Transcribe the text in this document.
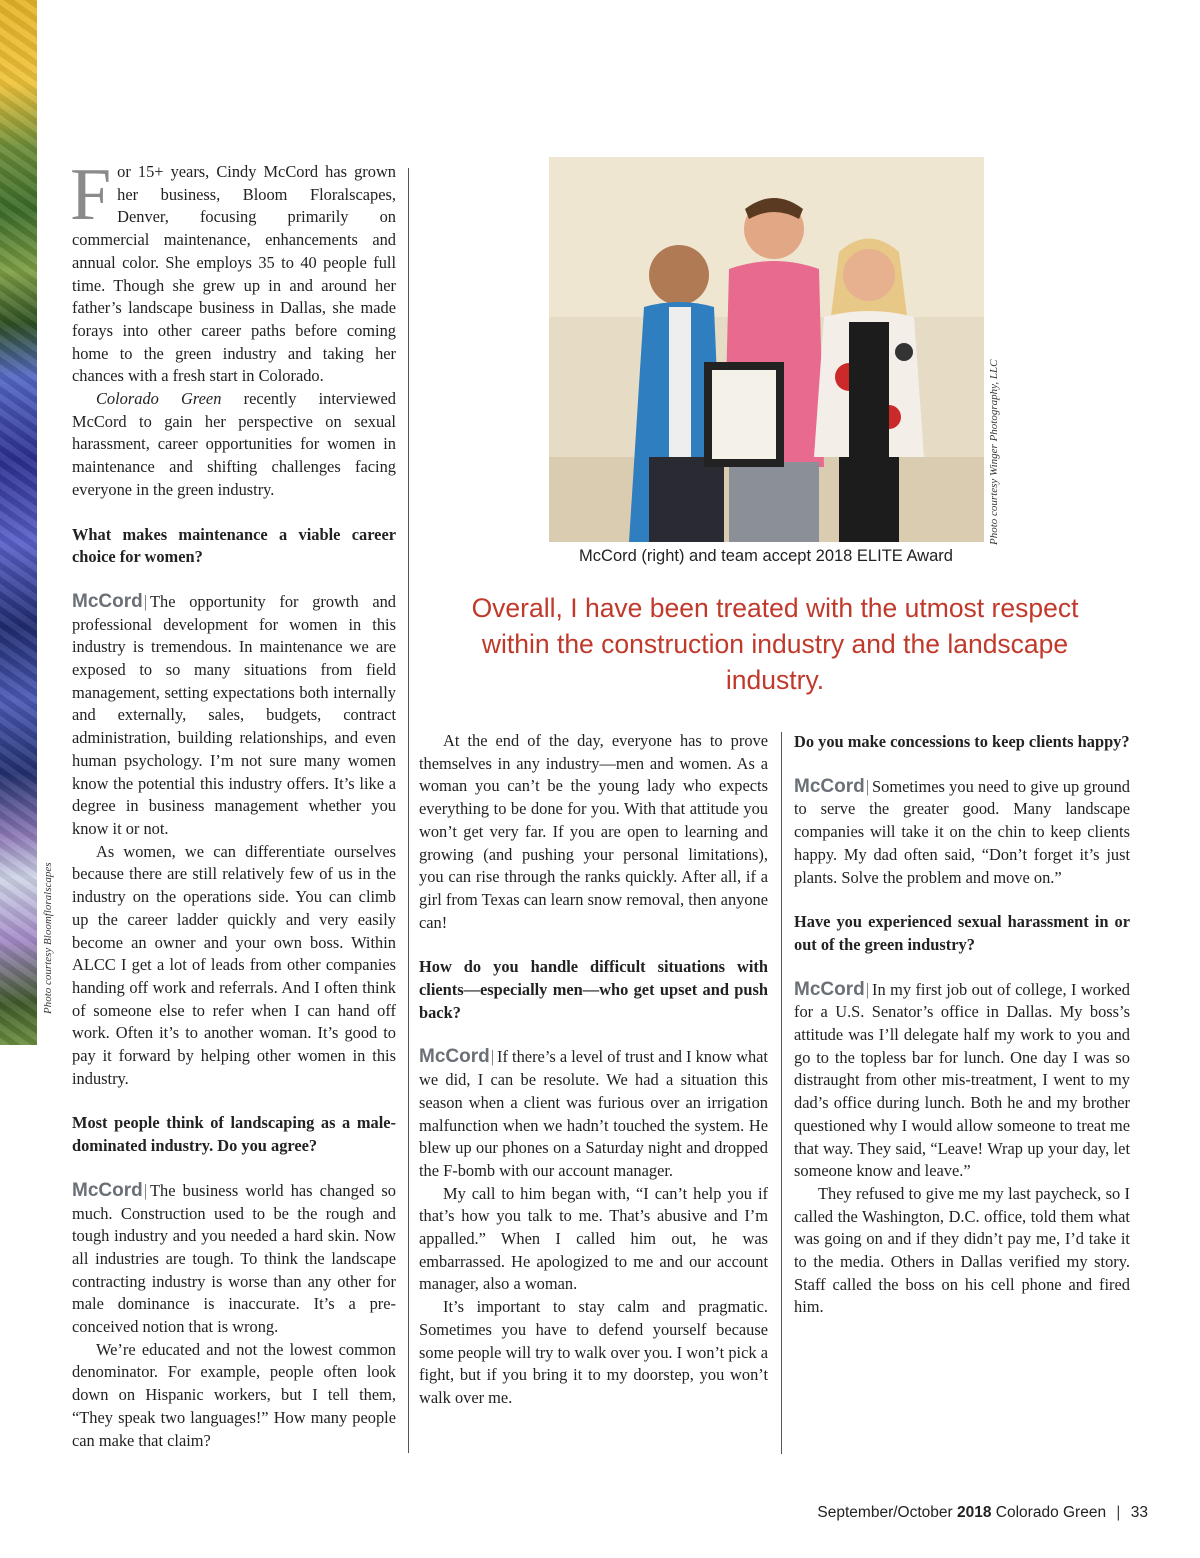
Photo courtesy Bloomfloralscapes

For 15+ years, Cindy McCord has grown her business, Bloom Floralscapes, Denver, focusing primarily on commercial maintenance, enhancements and annual color. She employs 35 to 40 people full time. Though she grew up in and around her father’s landscape business in Dallas, she made forays into other career paths before coming home to the green industry and taking her chances with a fresh start in Colorado.

Colorado Green recently interviewed McCord to gain her perspective on sexual harassment, career opportunities for women in maintenance and shifting challenges facing everyone in the green industry.

What makes maintenance a viable career choice for women?

McCord| The opportunity for growth and professional development for women in this industry is tremendous. In maintenance we are exposed to so many situations from field management, setting expectations both internally and externally, sales, budgets, contract administration, building relationships, and even human psychology. I’m not sure many women know the potential this industry offers. It’s like a degree in business management whether you know it or not.

As women, we can differentiate ourselves because there are still relatively few of us in the industry on the operations side. You can climb up the career ladder quickly and very easily become an owner and your own boss. Within ALCC I get a lot of leads from other companies handing off work and referrals. And I often think of someone else to refer when I can hand off work. Often it’s to another woman. It’s good to pay it forward by helping other women in this industry.

Most people think of landscaping as a male-dominated industry. Do you agree?

McCord| The business world has changed so much. Construction used to be the rough and tough industry and you needed a hard skin. Now all industries are tough. To think the landscape contracting industry is worse than any other for male dominance is inaccurate. It’s a pre-conceived notion that is wrong.

We’re educated and not the lowest common denominator. For example, people often look down on Hispanic workers, but I tell them, “They speak two languages!” How many people can make that claim?

Photo courtesy Winger Photography, LLC
McCord (right) and team accept 2018 ELITE Award
Overall, I have been treated with the utmost respect within the construction industry and the landscape industry.

At the end of the day, everyone has to prove themselves in any industry—men and women. As a woman you can’t be the young lady who expects everything to be done for you. With that attitude you won’t get very far. If you are open to learning and growing (and pushing your personal limitations), you can rise through the ranks quickly. After all, if a girl from Texas can learn snow removal, then anyone can!

How do you handle difficult situations with clients—especially men—who get upset and push back?

McCord| If there’s a level of trust and I know what we did, I can be resolute. We had a situation this season when a client was furious over an irrigation malfunction when we hadn’t touched the system. He blew up our phones on a Saturday night and dropped the F-bomb with our account manager.

My call to him began with, “I can’t help you if that’s how you talk to me. That’s abusive and I’m appalled.” When I called him out, he was embarrassed. He apologized to me and our account manager, also a woman.

It’s important to stay calm and pragmatic. Sometimes you have to defend yourself because some people will try to walk over you. I won’t pick a fight, but if you bring it to my doorstep, you won’t walk over me.

Do you make concessions to keep clients happy?

McCord| Sometimes you need to give up ground to serve the greater good. Many landscape companies will take it on the chin to keep clients happy. My dad often said, “Don’t forget it’s just plants. Solve the problem and move on.”

Have you experienced sexual harassment in or out of the green industry?

McCord| In my first job out of college, I worked for a U.S. Senator’s office in Dallas. My boss’s attitude was I’ll delegate half my work to you and go to the topless bar for lunch. One day I was so distraught from other mis-treatment, I went to my dad’s office during lunch. Both he and my brother questioned why I would allow someone to treat me that way. They said, “Leave! Wrap up your day, let someone know and leave.”

They refused to give me my last paycheck, so I called the Washington, D.C. office, told them what was going on and if they didn’t pay me, I’d take it to the media. Others in Dallas verified my story. Staff called the boss on his cell phone and fired him.

September/October 2018 Colorado Green | 33
